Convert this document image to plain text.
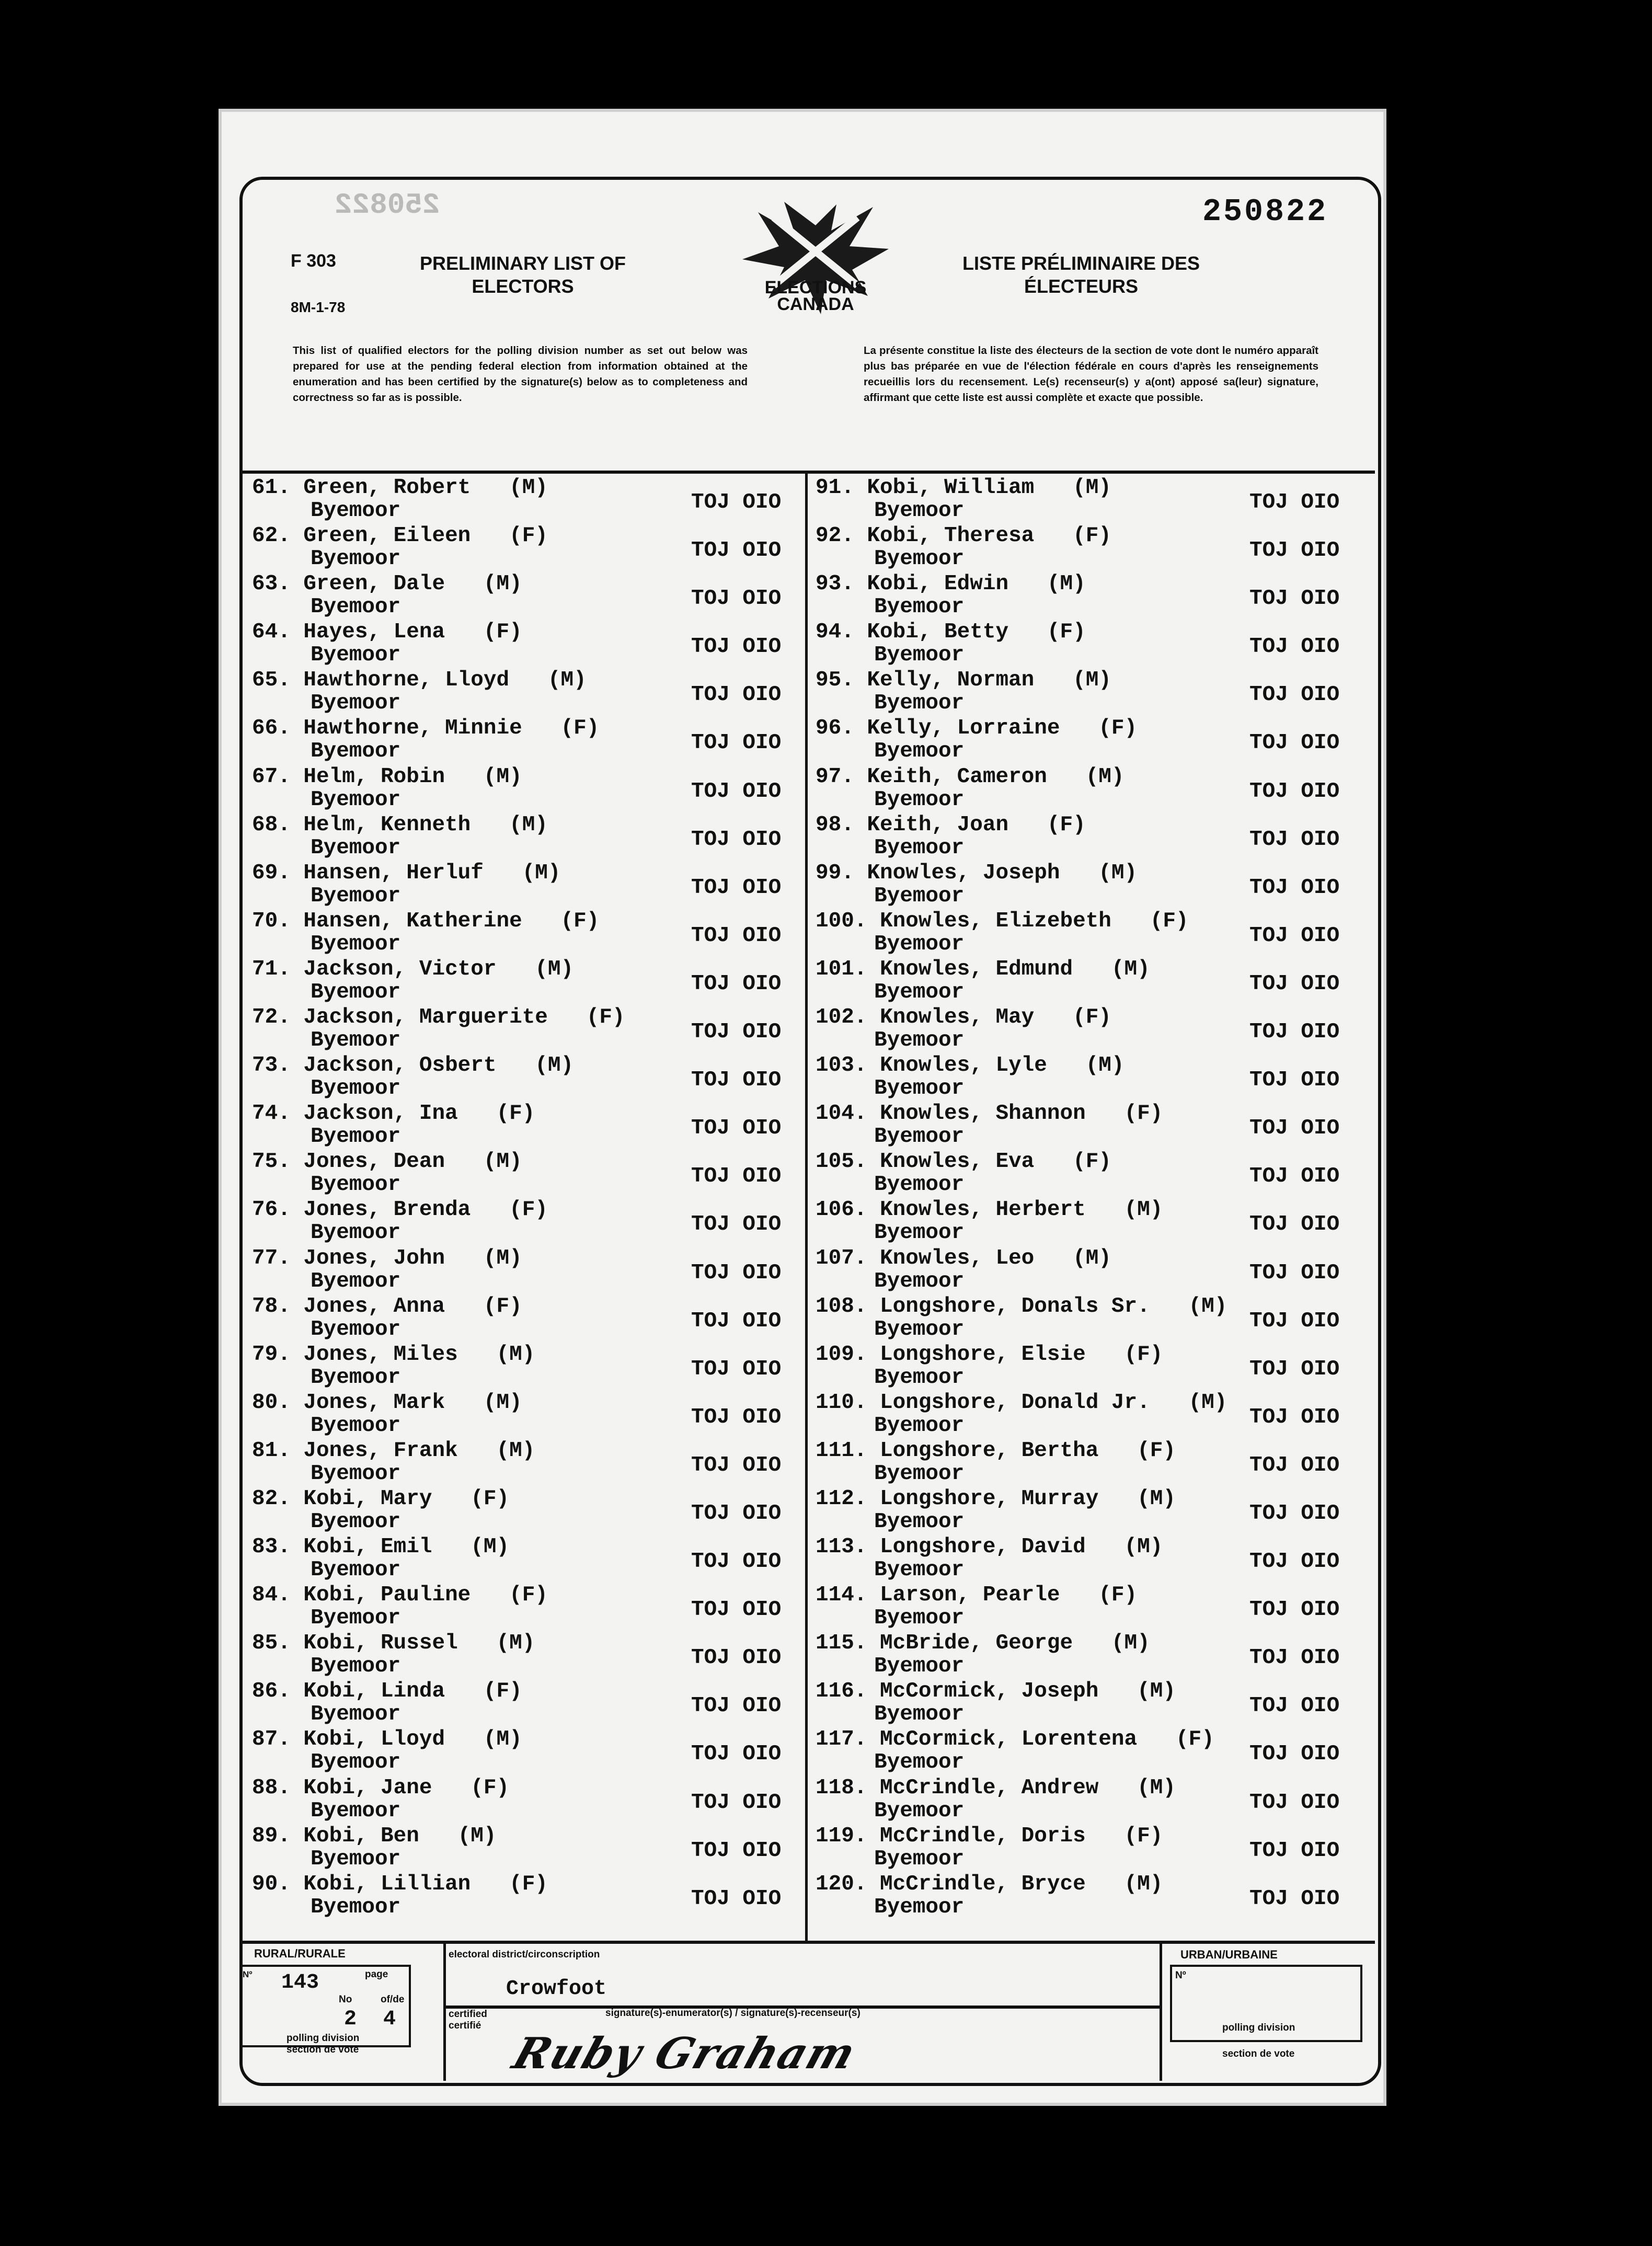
250822
F 303
8M-1-78
PRELIMINARY LIST OF ELECTORS
LISTE PRÉLIMINAIRE DES ÉLECTEURS
250822
ELECTIONS
CANADA
This list of qualified electors for the polling division number as set out below was prepared for use at the pending federal election from information obtained at the enumeration and has been certified by the signature(s) below as to completeness and correctness so far as is possible.
La présente constitue la liste des électeurs de la section de vote dont le numéro apparaît plus bas préparée en vue de l'élection fédérale en cours d'après les renseignements recueillis lors du recensement. Le(s) recenseur(s) y a(ont) apposé sa(leur) signature, affirmant que cette liste est aussi complète et exacte que possible.
61. Green, Robert (M)
Byemoor	TOJ OIO
62. Green, Eileen (F)
Byemoor	TOJ OIO
63. Green, Dale (M)
Byemoor	TOJ OIO
64. Hayes, Lena (F)
Byemoor	TOJ OIO
65. Hawthorne, Lloyd (M)
Byemoor	TOJ OIO
66. Hawthorne, Minnie (F)
Byemoor	TOJ OIO
67. Helm, Robin (M)
Byemoor	TOJ OIO
68. Helm, Kenneth (M)
Byemoor	TOJ OIO
69. Hansen, Herluf (M)
Byemoor	TOJ OIO
70. Hansen, Katherine (F)
Byemoor	TOJ OIO
71. Jackson, Victor (M)
Byemoor	TOJ OIO
72. Jackson, Marguerite (F)
Byemoor	TOJ OIO
73. Jackson, Osbert (M)
Byemoor	TOJ OIO
74. Jackson, Ina (F)
Byemoor	TOJ OIO
75. Jones, Dean (M)
Byemoor	TOJ OIO
76. Jones, Brenda (F)
Byemoor	TOJ OIO
77. Jones, John (M)
Byemoor	TOJ OIO
78. Jones, Anna (F)
Byemoor	TOJ OIO
79. Jones, Miles (M)
Byemoor	TOJ OIO
80. Jones, Mark (M)
Byemoor	TOJ OIO
81. Jones, Frank (M)
Byemoor	TOJ OIO
82. Kobi, Mary (F)
Byemoor	TOJ OIO
83. Kobi, Emil (M)
Byemoor	TOJ OIO
84. Kobi, Pauline (F)
Byemoor	TOJ OIO
85. Kobi, Russel (M)
Byemoor	TOJ OIO
86. Kobi, Linda (F)
Byemoor	TOJ OIO
87. Kobi, Lloyd (M)
Byemoor	TOJ OIO
88. Kobi, Jane (F)
Byemoor	TOJ OIO
89. Kobi, Ben (M)
Byemoor	TOJ OIO
90. Kobi, Lillian (F)
Byemoor	TOJ OIO
91. Kobi, William (M)
Byemoor	TOJ OIO
92. Kobi, Theresa (F)
Byemoor	TOJ OIO
93. Kobi, Edwin (M)
Byemoor	TOJ OIO
94. Kobi, Betty (F)
Byemoor	TOJ OIO
95. Kelly, Norman (M)
Byemoor	TOJ OIO
96. Kelly, Lorraine (F)
Byemoor	TOJ OIO
97. Keith, Cameron (M)
Byemoor	TOJ OIO
98. Keith, Joan (F)
Byemoor	TOJ OIO
99. Knowles, Joseph (M)
Byemoor	TOJ OIO
100. Knowles, Elizebeth (F)
Byemoor	TOJ OIO
101. Knowles, Edmund (M)
Byemoor	TOJ OIO
102. Knowles, May (F)
Byemoor	TOJ OIO
103. Knowles, Lyle (M)
Byemoor	TOJ OIO
104. Knowles, Shannon (F)
Byemoor	TOJ OIO
105. Knowles, Eva (F)
Byemoor	TOJ OIO
106. Knowles, Herbert (M)
Byemoor	TOJ OIO
107. Knowles, Leo (M)
Byemoor	TOJ OIO
108. Longshore, Donals Sr. (M)
Byemoor	TOJ OIO
109. Longshore, Elsie (F)
Byemoor	TOJ OIO
110. Longshore, Donald Jr. (M)
Byemoor	TOJ OIO
111. Longshore, Bertha (F)
Byemoor	TOJ OIO
112. Longshore, Murray (M)
Byemoor	TOJ OIO
113. Longshore, David (M)
Byemoor	TOJ OIO
114. Larson, Pearle (F)
Byemoor	TOJ OIO
115. McBride, George (M)
Byemoor	TOJ OIO
116. McCormick, Joseph (M)
Byemoor	TOJ OIO
117. McCormick, Lorentena (F)
Byemoor	TOJ OIO
118. McCrindle, Andrew (M)
Byemoor	TOJ OIO
119. McCrindle, Doris (F)
Byemoor	TOJ OIO
120. McCrindle, Bryce (M)
Byemoor	TOJ OIO
RURAL/RURALE	URBAN/URBAINE
Nº 143	page
No	of/de
2 4
polling division
section de vote
electoral district/circonscription
Crowfoot
certified
certifié
signature(s)-enumerator(s) / signature(s)-recenseur(s)
Nº
polling division
section de vote
Ruby Graham
